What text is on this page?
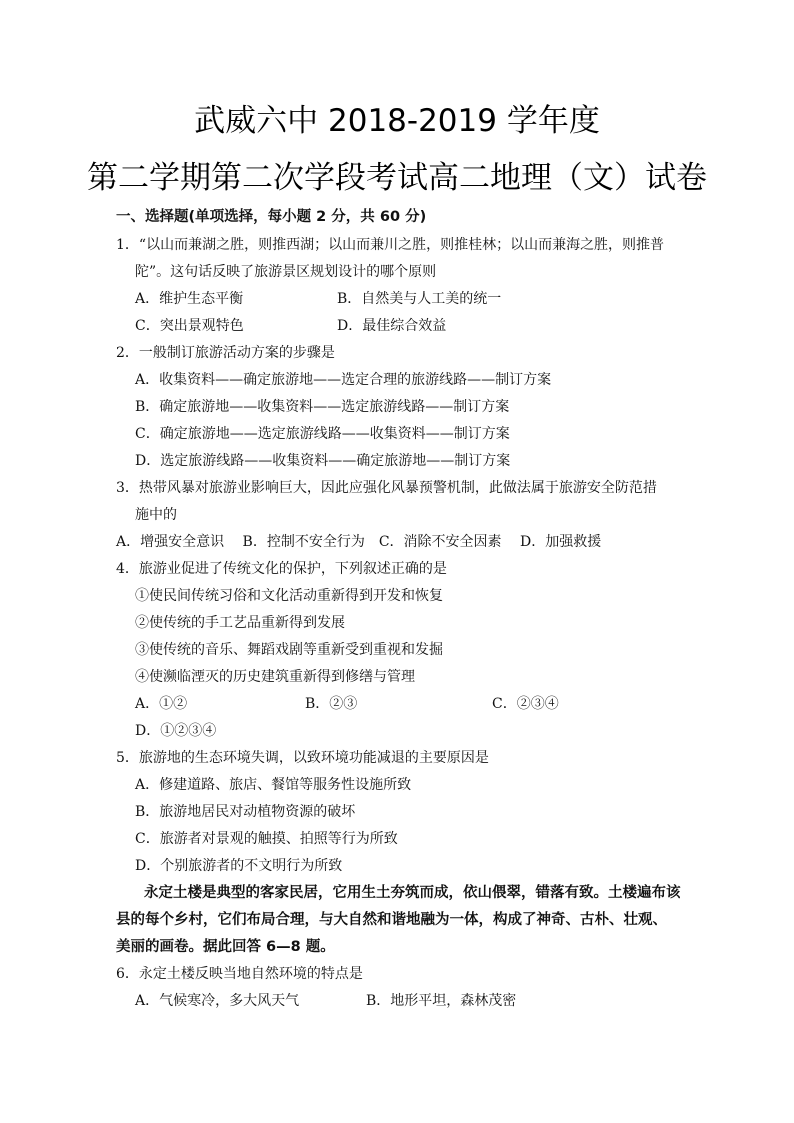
武威六中 2018-2019 学年度
第二学期第二次学段考试高二地理（文）试卷
一、选择题(单项选择，每小题 2 分，共 60 分)
1．“以山而兼湖之胜，则推西湖；以山而兼川之胜，则推桂林；以山而兼海之胜，则推普
陀”。这句话反映了旅游景区规划设计的哪个原则
A．维护生态平衡	B．自然美与人工美的统一
C．突出景观特色	D．最佳综合效益
2．一般制订旅游活动方案的步骤是
A．收集资料——确定旅游地——选定合理的旅游线路——制订方案
B．确定旅游地——收集资料——选定旅游线路——制订方案
C．确定旅游地——选定旅游线路——收集资料——制订方案
D．选定旅游线路——收集资料——确定旅游地——制订方案
3．热带风暴对旅游业影响巨大，因此应强化风暴预警机制，此做法属于旅游安全防范措
施中的
A．增强安全意识　 B．控制不安全行为　C．消除不安全因素　 D．加强救援
4．旅游业促进了传统文化的保护，下列叙述正确的是
①使民间传统习俗和文化活动重新得到开发和恢复
②使传统的手工艺品重新得到发展
③使传统的音乐、舞蹈戏剧等重新受到重视和发掘
④使濒临湮灭的历史建筑重新得到修缮与管理
A．①②	B．②③	C．②③④
D．①②③④
5．旅游地的生态环境失调，以致环境功能减退的主要原因是
A．修建道路、旅店、餐馆等服务性设施所致
B．旅游地居民对动植物资源的破坏
C．旅游者对景观的触摸、拍照等行为所致
D．个别旅游者的不文明行为所致
永定土楼是典型的客家民居，它用生土夯筑而成，依山偎翠，错落有致。土楼遍布该
县的每个乡村，它们布局合理，与大自然和谐地融为一体，构成了神奇、古朴、壮观、
美丽的画卷。据此回答 6—8 题。
6．永定土楼反映当地自然环境的特点是
A．气候寒冷，多大风天气	B．地形平坦，森林茂密
